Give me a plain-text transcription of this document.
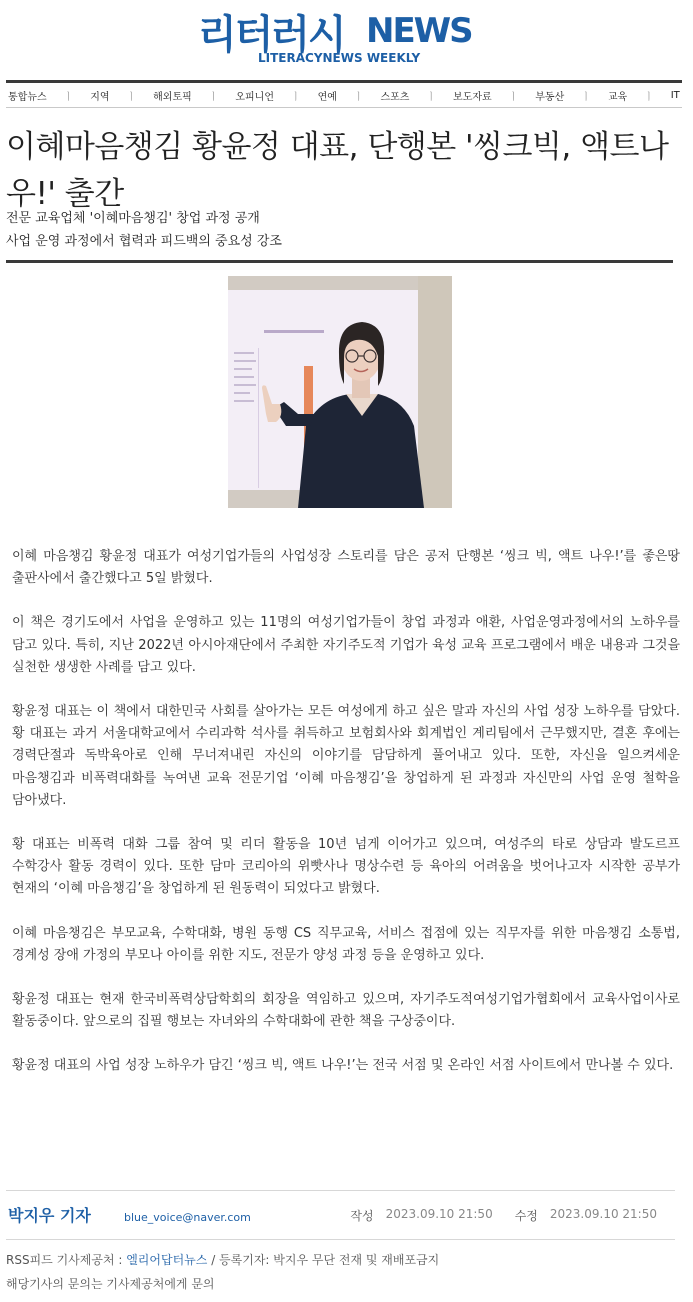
리터러시 NEWS
LITERACYNEWS WEEKLY
통합뉴스 ㅣ 지역 ㅣ 해외토픽 ㅣ 오피니언 ㅣ 연예 ㅣ 스포츠 ㅣ 보도자료 ㅣ 부동산 ㅣ 교육 ㅣ IT
이혜마음챙김 황윤정 대표, 단행본 '씽크빅, 액트나우!' 출간
전문 교육업체 '이혜마음챙김' 창업 과정 공개
사업 운영 과정에서 협력과 피드백의 중요성 강조

이혜 마음챙김 황윤정 대표가 여성기업가들의 사업성장 스토리를 담은 공저 단행본 ‘씽크 빅, 액트 나우!’를 좋은땅 출판사에서 출간했다고 5일 밝혔다.

이 책은 경기도에서 사업을 운영하고 있는 11명의 여성기업가들이 창업 과정과 애환, 사업운영과정에서의 노하우를 담고 있다. 특히, 지난 2022년 아시아재단에서 주최한 자기주도적 기업가 육성 교육 프로그램에서 배운 내용과 그것을 실천한 생생한 사례를 담고 있다.

황윤정 대표는 이 책에서 대한민국 사회를 살아가는 모든 여성에게 하고 싶은 말과 자신의 사업 성장 노하우를 담았다. 황 대표는 과거 서울대학교에서 수리과학 석사를 취득하고 보험회사와 회계법인 계리팀에서 근무했지만, 결혼 후에는 경력단절과 독박육아로 인해 무너져내린 자신의 이야기를 담담하게 풀어내고 있다. 또한, 자신을 일으켜세운 마음챙김과 비폭력대화를 녹여낸 교육 전문기업 ‘이혜 마음챙김’을 창업하게 된 과정과 자신만의 사업 운영 철학을 담아냈다.

황 대표는 비폭력 대화 그룹 참여 및 리더 활동을 10년 넘게 이어가고 있으며, 여성주의 타로 상담과 발도르프 수학강사 활동 경력이 있다. 또한 담마 코리아의 위빳사나 명상수련 등 육아의 어려움을 벗어나고자 시작한 공부가 현재의 ‘이혜 마음챙김’을 창업하게 된 원동력이 되었다고 밝혔다.

이혜 마음챙김은 부모교육, 수학대화, 병원 동행 CS 직무교육, 서비스 접점에 있는 직무자를 위한 마음챙김 소통법, 경계성 장애 가정의 부모나 아이를 위한 지도, 전문가 양성 과정 등을 운영하고 있다.

황윤정 대표는 현재 한국비폭력상담학회의 회장을 역임하고 있으며, 자기주도적여성기업가협회에서 교육사업이사로 활동중이다. 앞으로의 집필 행보는 자녀와의 수학대화에 관한 책을 구상중이다.

황윤정 대표의 사업 성장 노하우가 담긴 ‘씽크 빅, 액트 나우!’는 전국 서점 및 온라인 서점 사이트에서 만나볼 수 있다.

박지우 기자	blue_voice@naver.com	작성 2023.09.10 21:50 수정 2023.09.10 21:50
RSS피드 기사제공처 : 엘리어답터뉴스 / 등록기자: 박지우 무단 전재 및 재배포금지
해당기사의 문의는 기사제공처에게 문의
